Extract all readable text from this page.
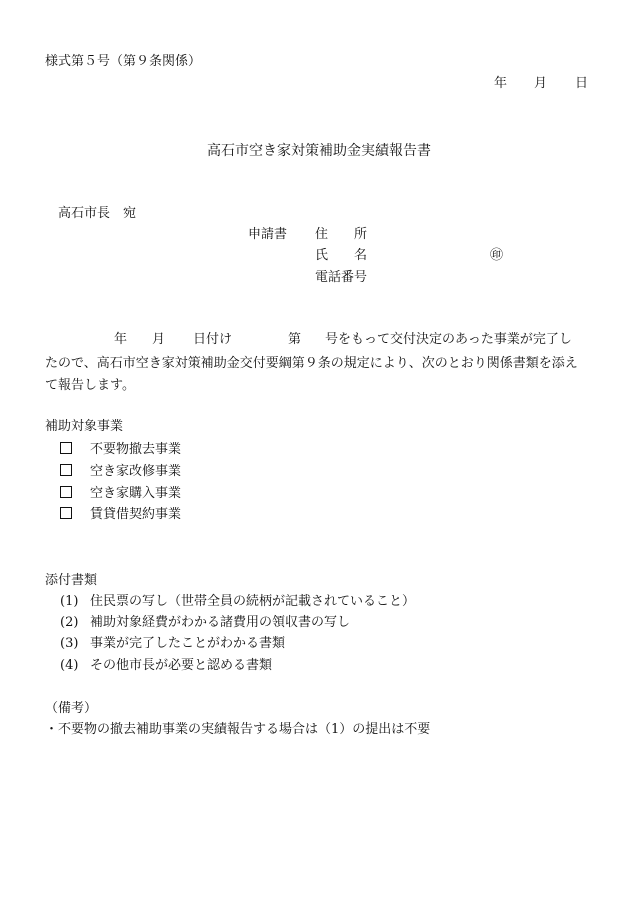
様式第５号（第９条関係）
年 月 日
高石市空き家対策補助金実績報告書
高石市長　宛
申請書 住　　所
氏　　名	㊞
電話番号
年 月 日付け	第 号をもって交付決定のあった事業が完了し
たので、高石市空き家対策補助金交付要綱第９条の規定により、次のとおり関係書類を添えて報告します。
補助対象事業
不要物撤去事業
空き家改修事業
空き家購入事業
賃貸借契約事業
添付書類
(1) 住民票の写し（世帯全員の続柄が記載されていること）
(2) 補助対象経費がわかる諸費用の領収書の写し
(3) 事業が完了したことがわかる書類
(4) その他市長が必要と認める書類
（備考）
・不要物の撤去補助事業の実績報告する場合は（1）の提出は不要
